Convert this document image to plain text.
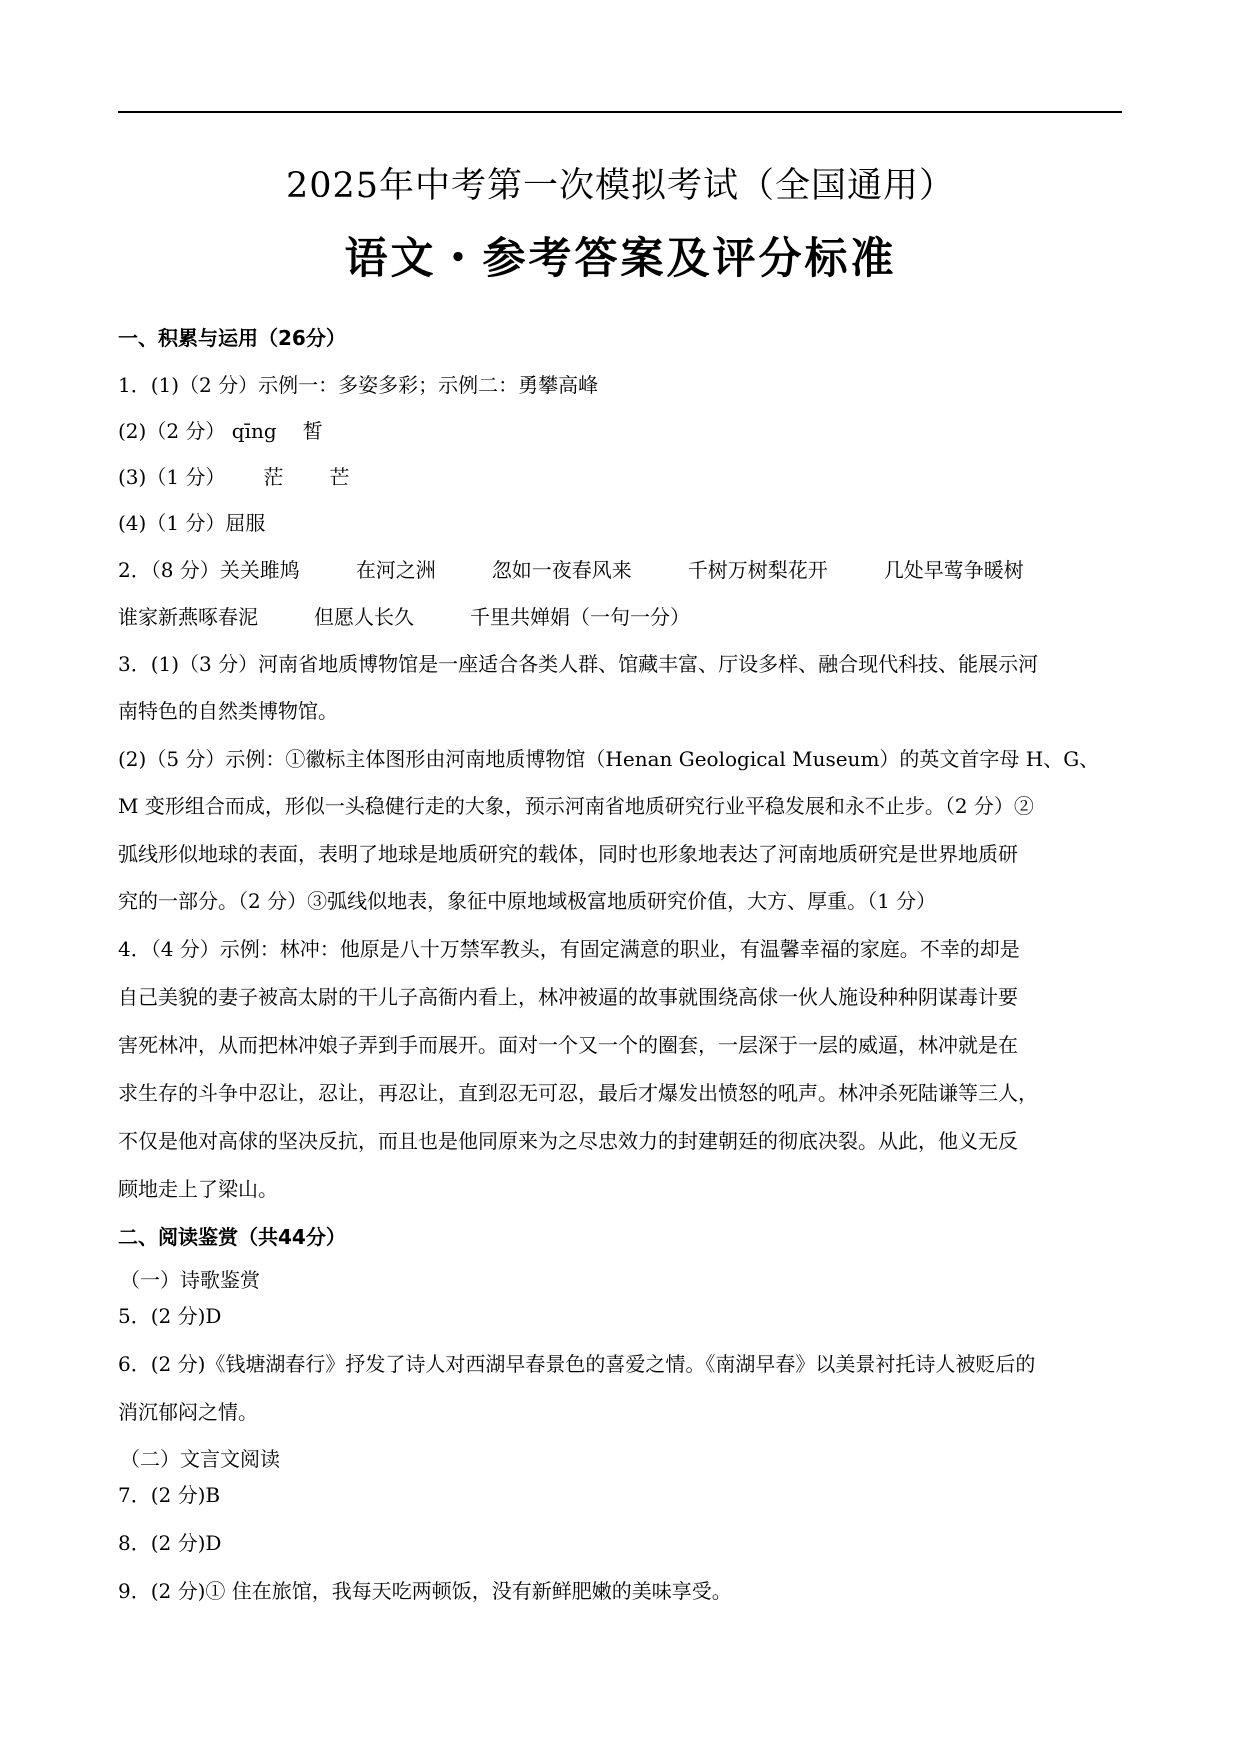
2025年中考第一次模拟考试（全国通用）
语文・参考答案及评分标准
一、积累与运用（26分）
1．(1)（2 分）示例一：多姿多彩；示例二：勇攀高峰
(2)（2 分） qīng 皙
(3)（1 分） 茫 芒
(4)（1 分）屈服
2．（8 分）关关雎鸠	在河之洲	忽如一夜春风来	千树万树梨花开	几处早莺争暖树
谁家新燕啄春泥	但愿人长久	千里共婵娟（一句一分）
3．(1)（3 分）河南省地质博物馆是一座适合各类人群、馆藏丰富、厅设多样、融合现代科技、能展示河
南特色的自然类博物馆。
(2)（5 分）示例：①徽标主体图形由河南地质博物馆（Henan Geological Museum）的英文首字母 H、G、
M 变形组合而成，形似一头稳健行走的大象，预示河南省地质研究行业平稳发展和永不止步。（2 分）②
弧线形似地球的表面，表明了地球是地质研究的载体，同时也形象地表达了河南地质研究是世界地质研
究的一部分。（2 分）③弧线似地表，象征中原地域极富地质研究价值，大方、厚重。（1 分）
4．（4 分）示例：林冲：他原是八十万禁军教头，有固定满意的职业，有温馨幸福的家庭。不幸的却是
自己美貌的妻子被高太尉的干儿子高衙内看上，林冲被逼的故事就围绕高俅一伙人施设种种阴谋毒计要
害死林冲，从而把林冲娘子弄到手而展开。面对一个又一个的圈套，一层深于一层的威逼，林冲就是在
求生存的斗争中忍让，忍让，再忍让，直到忍无可忍，最后才爆发出愤怒的吼声。林冲杀死陆谦等三人，
不仅是他对高俅的坚决反抗，而且也是他同原来为之尽忠效力的封建朝廷的彻底决裂。从此，他义无反
顾地走上了梁山。
二、阅读鉴赏（共44分）
（一）诗歌鉴赏
5．(2 分)D
6．(2 分)《钱塘湖春行》抒发了诗人对西湖早春景色的喜爱之情。《南湖早春》以美景衬托诗人被贬后的
消沉郁闷之情。
（二）文言文阅读
7．(2 分)B
8．(2 分)D
9．(2 分)① 住在旅馆，我每天吃两顿饭，没有新鲜肥嫩的美味享受。
